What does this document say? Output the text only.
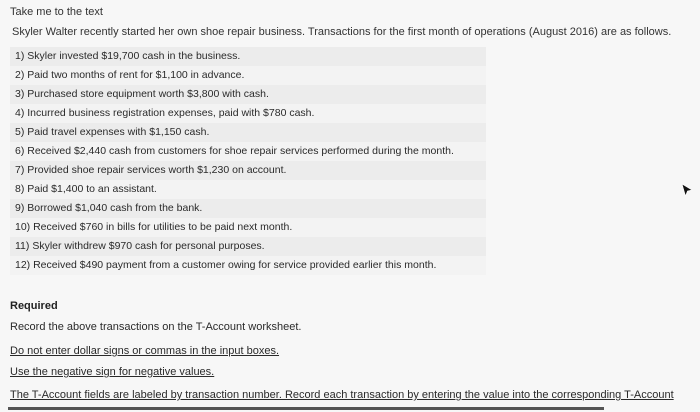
Take me to the text
Skyler Walter recently started her own shoe repair business. Transactions for the first month of operations (August 2016) are as follows.
1) Skyler invested $19,700 cash in the business.
2) Paid two months of rent for $1,100 in advance.
3) Purchased store equipment worth $3,800 with cash.
4) Incurred business registration expenses, paid with $780 cash.
5) Paid travel expenses with $1,150 cash.
6) Received $2,440 cash from customers for shoe repair services performed during the month.
7) Provided shoe repair services worth $1,230 on account.
8) Paid $1,400 to an assistant.
9) Borrowed $1,040 cash from the bank.
10) Received $760 in bills for utilities to be paid next month.
11) Skyler withdrew $970 cash for personal purposes.
12) Received $490 payment from a customer owing for service provided earlier this month.
Required
Record the above transactions on the T-Account worksheet.
Do not enter dollar signs or commas in the input boxes.
Use the negative sign for negative values.
The T-Account fields are labeled by transaction number. Record each transaction by entering the value into the corresponding T-Account
